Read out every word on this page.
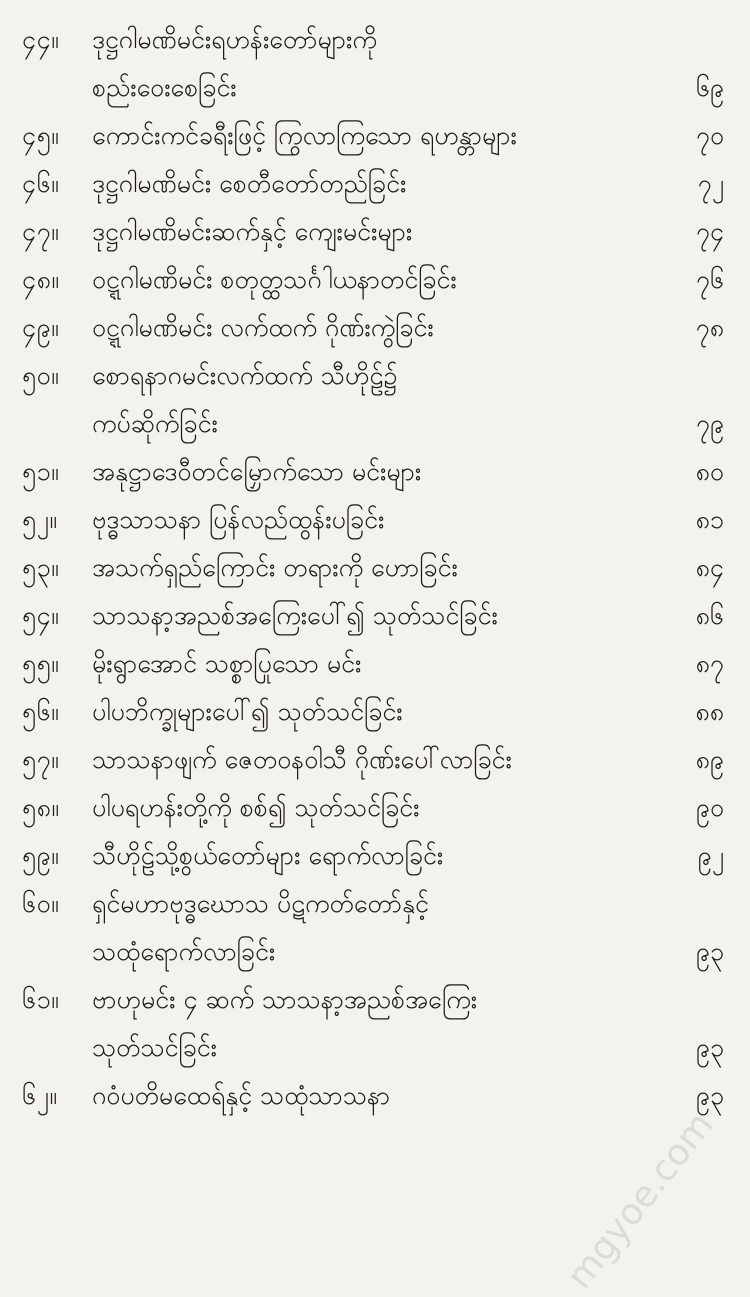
၄၄။	ဒုဋ္ဌဂါမဏိမင်းရဟန်းတော်များကို
စည်းဝေးစေခြင်း	၆၉
၄၅။	ကောင်းကင်ခရီးဖြင့် ကြွလာကြသော ရဟန္တာများ	၇၀
၄၆။	ဒုဋ္ဌဂါမဏိမင်း စေတီတော်တည်ခြင်း	၇၂
၄၇။	ဒုဋ္ဌဂါမဏိမင်းဆက်နှင့် ကျေးမင်းများ	၇၄
၄၈။	ဝဋ္ဋဂါမဏိမင်း စတုတ္ထသင်္ဂါယနာတင်ခြင်း	၇၆
၄၉။	ဝဋ္ဋဂါမဏိမင်း လက်ထက် ဂိုဏ်းကွဲခြင်း	၇၈
၅၀။	စောရနာဂမင်းလက်ထက် သီဟိုဠ်၌
ကပ်ဆိုက်ခြင်း	၇၉
၅၁။	အနုဋ္ဌာဒေဝီတင်မြှောက်သော မင်းများ	၈၀
၅၂။	ဗုဒ္ဓသာသနာ ပြန်လည်ထွန်းပခြင်း	၈၁
၅၃။	အသက်ရှည်ကြောင်း တရားကို ဟောခြင်း	၈၄
၅၄။	သာသနာ့အညစ်အကြေးပေါ်၍ သုတ်သင်ခြင်း	၈၆
၅၅။	မိုးရွာအောင် သစ္စာပြုသော မင်း	၈၇
၅၆။	ပါပဘိက္ခုများပေါ်၍ သုတ်သင်ခြင်း	၈၈
၅၇။	သာသနာဖျက် ဇေတဝနဝါသီ ဂိုဏ်းပေါ်လာခြင်း	၈၉
၅၈။	ပါပရဟန်းတို့ကို စစ်၍ သုတ်သင်ခြင်း	၉၀
၅၉။	သီဟိုဠ်သို့စွယ်တော်များ ရောက်လာခြင်း	၉၂
၆၀။	ရှင်မဟာဗုဒ္ဓဃောသ ပိဋကတ်တော်နှင့်
သထုံရောက်လာခြင်း	၉၃
၆၁။	ဗာဟုမင်း ၄ ဆက် သာသနာ့အညစ်အကြေး
သုတ်သင်ခြင်း	၉၃
၆၂။	ဂဝံပတိမထေရ်နှင့် သထုံသာသနာ	၉၃
mgyoe.com
